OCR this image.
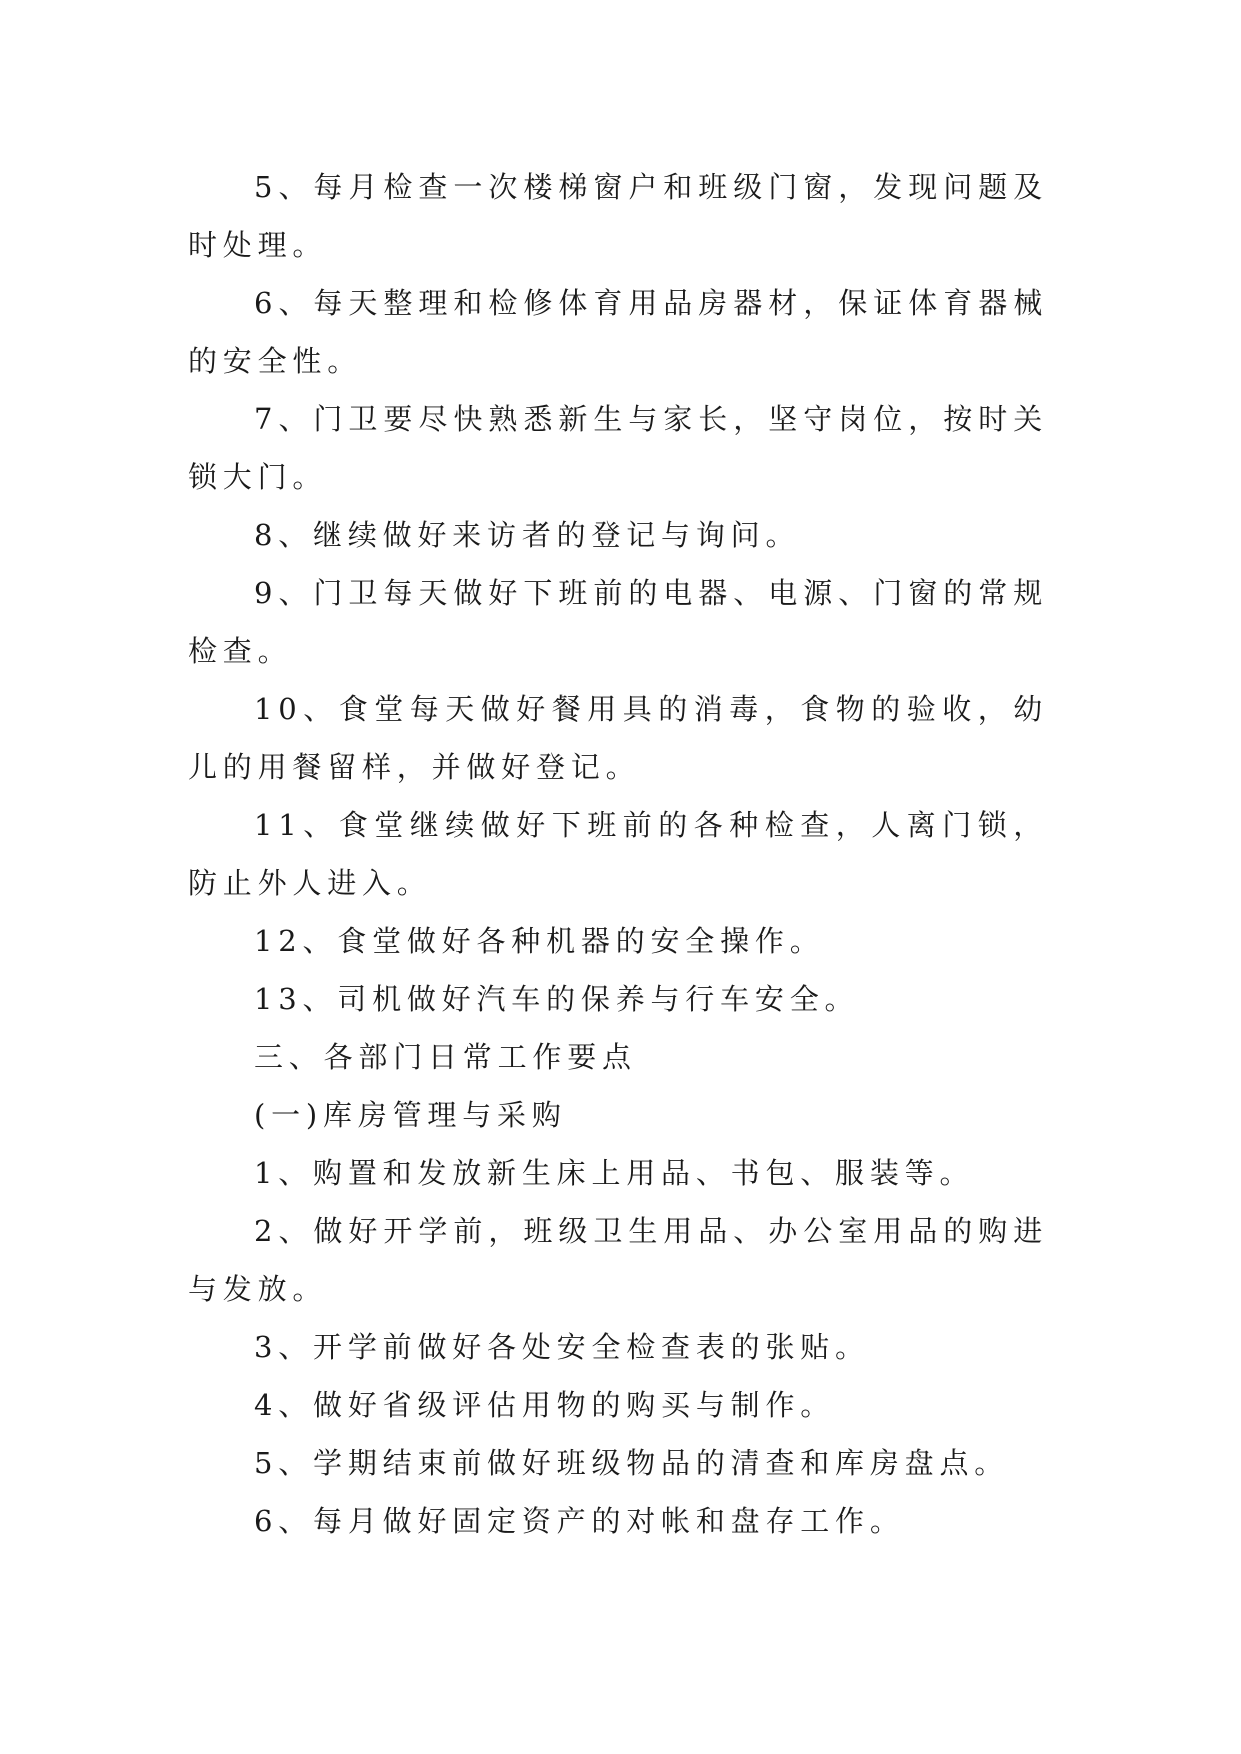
5、每月检查一次楼梯窗户和班级门窗，发现问题及时处理。

6、每天整理和检修体育用品房器材，保证体育器械的安全性。

7、门卫要尽快熟悉新生与家长，坚守岗位，按时关锁大门。

8、继续做好来访者的登记与询问。

9、门卫每天做好下班前的电器、电源、门窗的常规检查。

10、食堂每天做好餐用具的消毒，食物的验收，幼儿的用餐留样，并做好登记。

11、食堂继续做好下班前的各种检查，人离门锁，防止外人进入。

12、食堂做好各种机器的安全操作。

13、司机做好汽车的保养与行车安全。

三、各部门日常工作要点

(一)库房管理与采购

1、购置和发放新生床上用品、书包、服装等。

2、做好开学前，班级卫生用品、办公室用品的购进与发放。

3、开学前做好各处安全检查表的张贴。

4、做好省级评估用物的购买与制作。

5、学期结束前做好班级物品的清查和库房盘点。

6、每月做好固定资产的对帐和盘存工作。
